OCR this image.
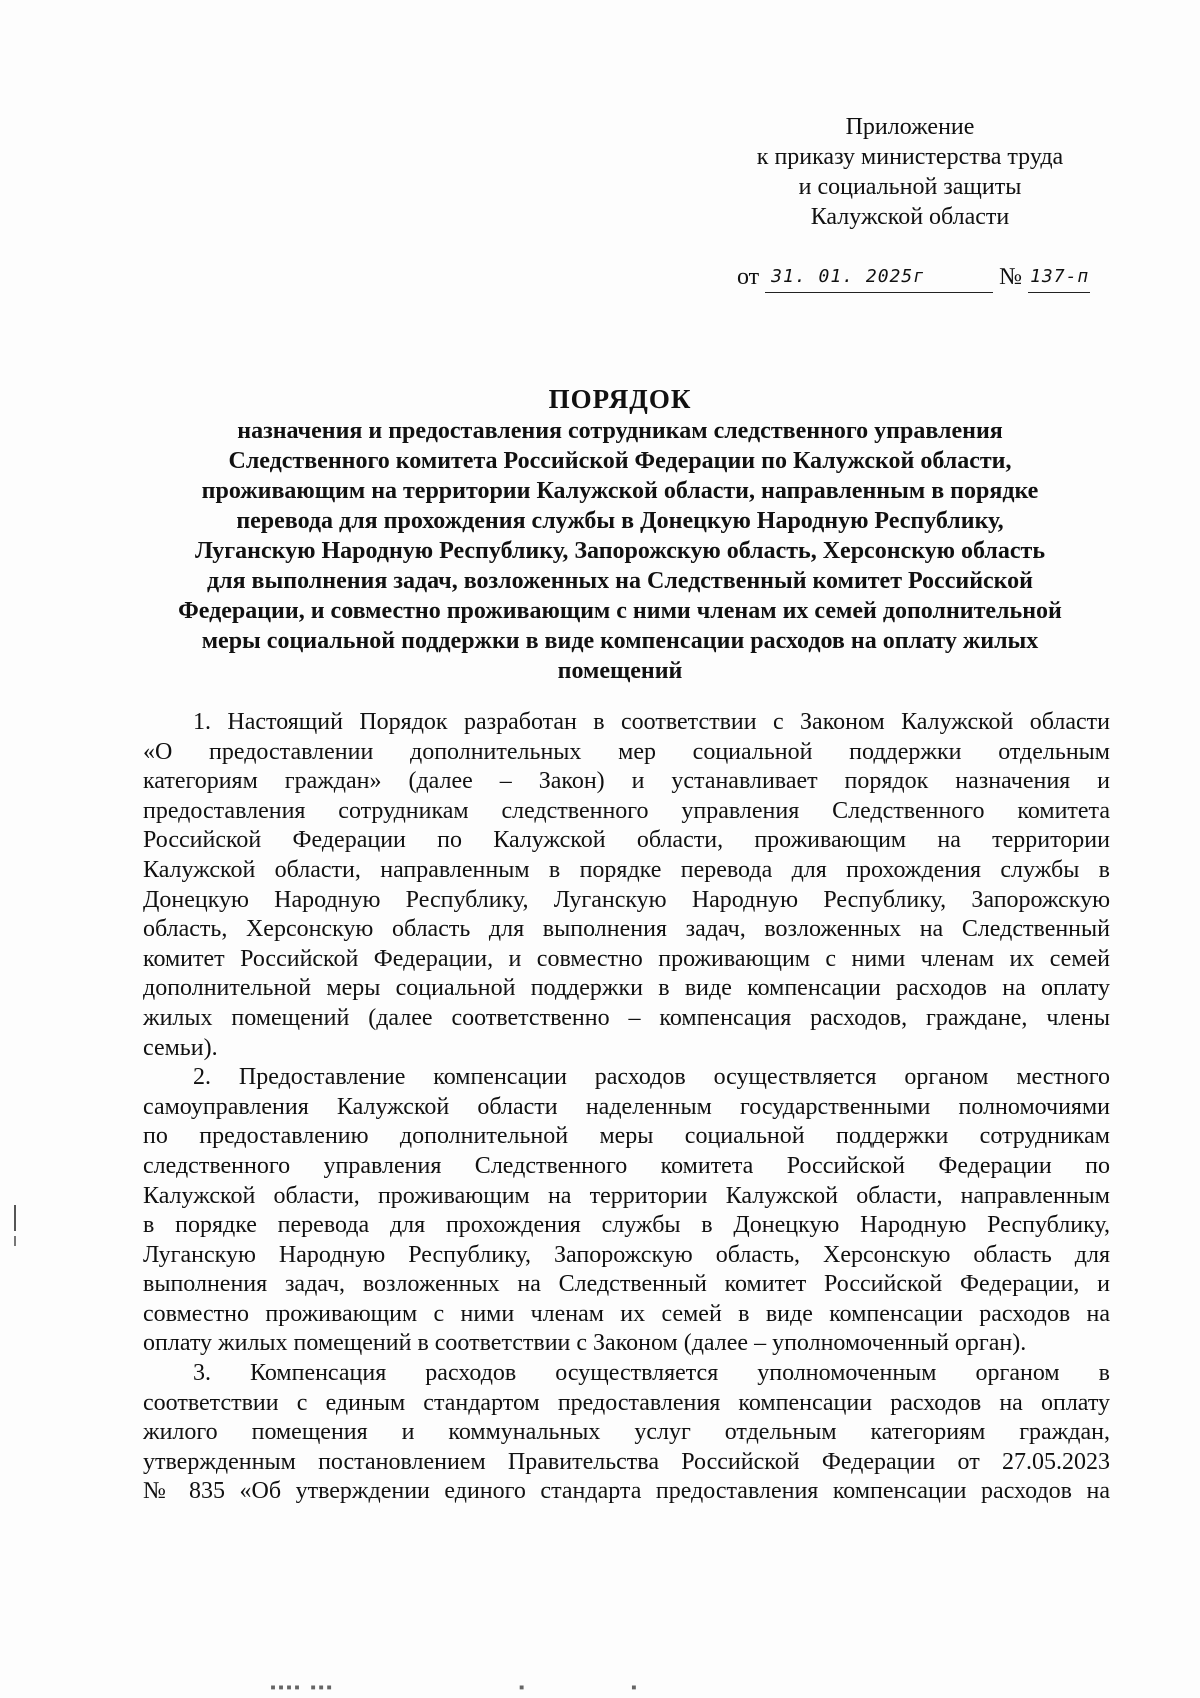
Приложение
к приказу министерства труда
и социальной защиты
Калужской области
от 31. 01. 2025г	№ 137-п
ПОРЯДОК
назначения и предоставления сотрудникам следственного управления
Следственного комитета Российской Федерации по Калужской области,
проживающим на территории Калужской области, направленным в порядке
перевода для прохождения службы в Донецкую Народную Республику,
Луганскую Народную Республику, Запорожскую область, Херсонскую область
для выполнения задач, возложенных на Следственный комитет Российской
Федерации, и совместно проживающим с ними членам их семей дополнительной
меры социальной поддержки в виде компенсации расходов на оплату жилых
помещений

1. Настоящий Порядок разработан в соответствии с Законом Калужской области

«О предоставлении дополнительных мер социальной поддержки отдельным

категориям граждан» (далее – Закон) и устанавливает порядок назначения и

предоставления сотрудникам следственного управления Следственного комитета

Российской Федерации по Калужской области, проживающим на территории

Калужской области, направленным в порядке перевода для прохождения службы в

Донецкую Народную Республику, Луганскую Народную Республику, Запорожскую

область, Херсонскую область для выполнения задач, возложенных на Следственный

комитет Российской Федерации, и совместно проживающим с ними членам их семей

дополнительной меры социальной поддержки в виде компенсации расходов на оплату

жилых помещений (далее соответственно – компенсация расходов, граждане, члены

семьи).

2. Предоставление компенсации расходов осуществляется органом местного

самоуправления Калужской области наделенным государственными полномочиями

по предоставлению дополнительной меры социальной поддержки сотрудникам

следственного управления Следственного комитета Российской Федерации по

Калужской области, проживающим на территории Калужской области, направленным

в порядке перевода для прохождения службы в Донецкую Народную Республику,

Луганскую Народную Республику, Запорожскую область, Херсонскую область для

выполнения задач, возложенных на Следственный комитет Российской Федерации, и

совместно проживающим с ними членам их семей в виде компенсации расходов на

оплату жилых помещений в соответствии с Законом (далее – уполномоченный орган).

3. Компенсация расходов осуществляется уполномоченным органом в

соответствии с единым стандартом предоставления компенсации расходов на оплату

жилого помещения и коммунальных услуг отдельным категориям граждан,

утвержденным постановлением Правительства Российской Федерации от 27.05.2023

№ 835 «Об утверждении единого стандарта предоставления компенсации расходов на

▪▪▪▪ ▪▪▪                       ▪             ▪
